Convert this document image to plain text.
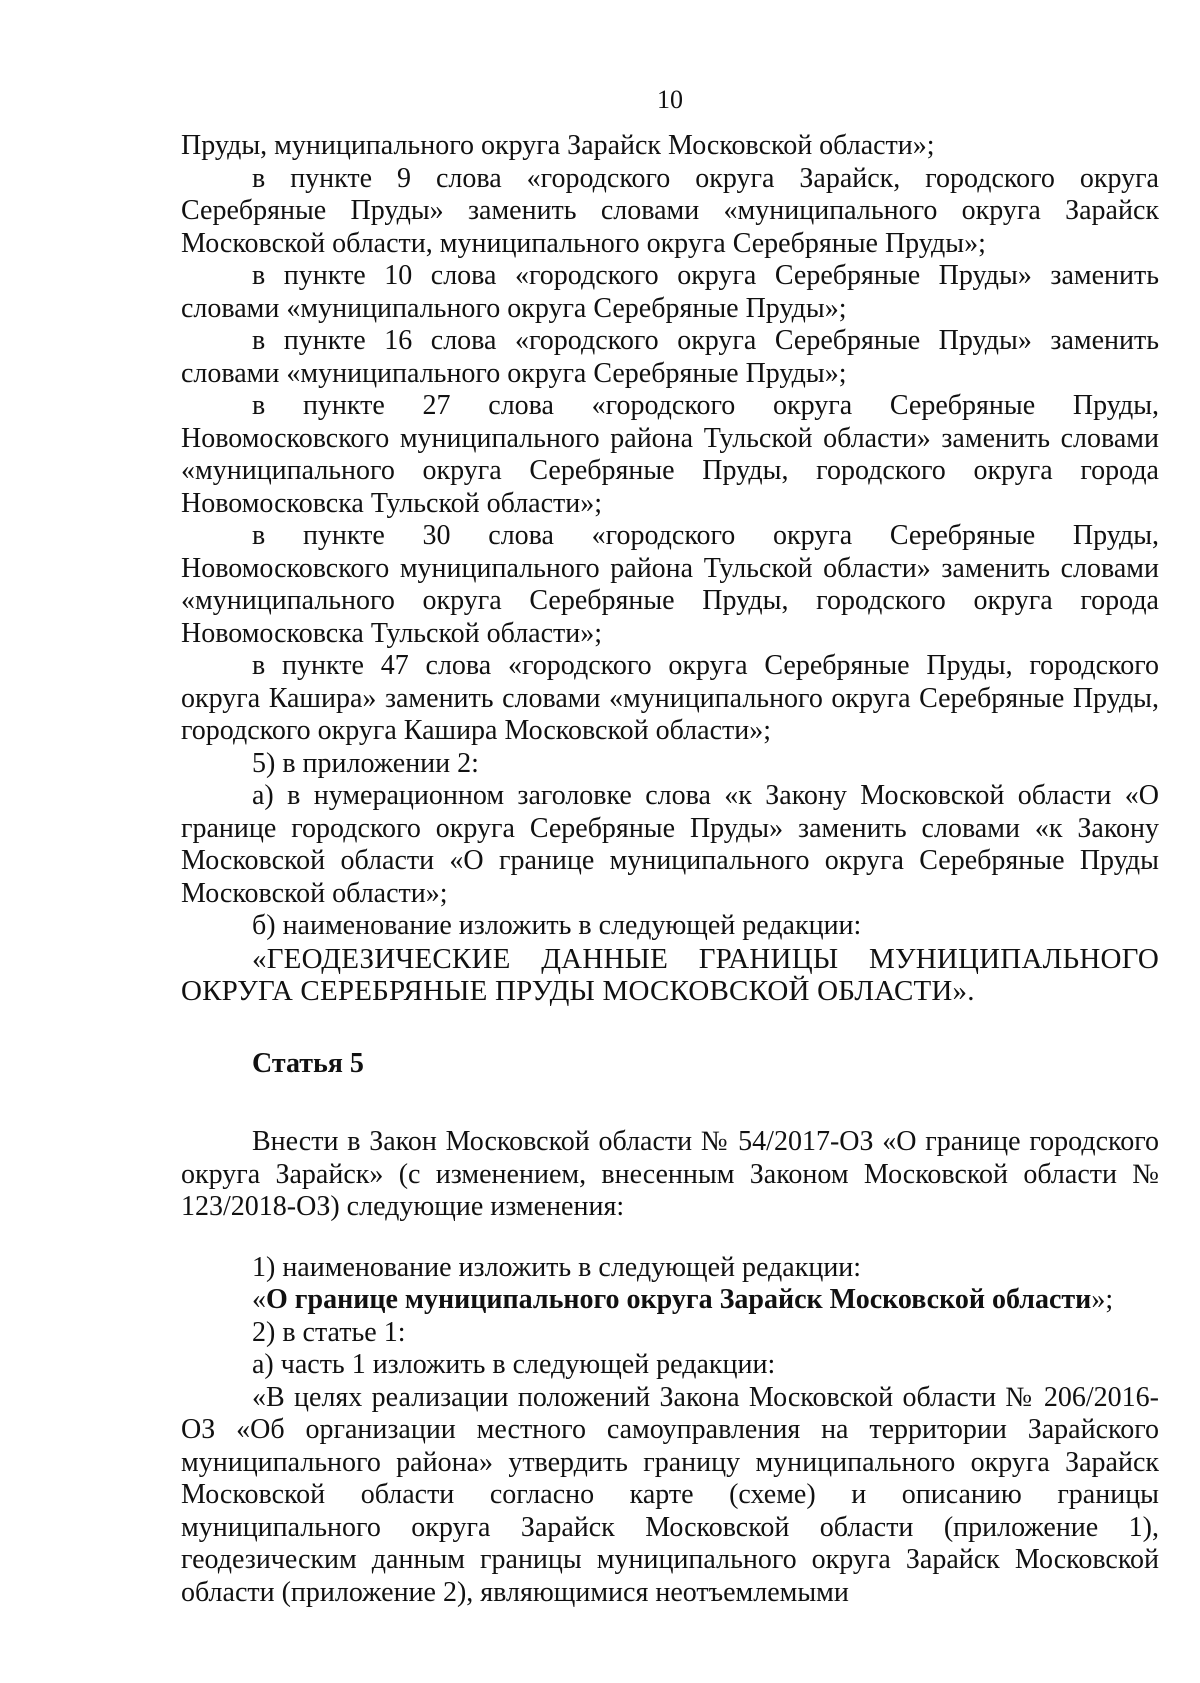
10

Пруды, муниципального округа Зарайск Московской области»;

в пункте 9 слова «городского округа Зарайск, городского округа Серебряные Пруды» заменить словами «муниципального округа Зарайск Московской области, муниципального округа Серебряные Пруды»;

в пункте 10 слова «городского округа Серебряные Пруды» заменить словами «муниципального округа Серебряные Пруды»;

в пункте 16 слова «городского округа Серебряные Пруды» заменить словами «муниципального округа Серебряные Пруды»;

в пункте 27 слова «городского округа Серебряные Пруды, Новомосковского муниципального района Тульской области» заменить словами «муниципального округа Серебряные Пруды, городского округа города Новомосковска Тульской области»;

в пункте 30 слова «городского округа Серебряные Пруды, Новомосковского муниципального района Тульской области» заменить словами «муниципального округа Серебряные Пруды, городского округа города Новомосковска Тульской области»;

в пункте 47 слова «городского округа Серебряные Пруды, городского округа Кашира» заменить словами «муниципального округа Серебряные Пруды, городского округа Кашира Московской области»;

5) в приложении 2:

а) в нумерационном заголовке слова «к Закону Московской области «О границе городского округа Серебряные Пруды» заменить словами «к Закону Московской области «О границе муниципального округа Серебряные Пруды Московской области»;

б) наименование изложить в следующей редакции:

«ГЕОДЕЗИЧЕСКИЕ ДАННЫЕ ГРАНИЦЫ МУНИЦИПАЛЬНОГО ОКРУГА СЕРЕБРЯНЫЕ ПРУДЫ МОСКОВСКОЙ ОБЛАСТИ».

Статья 5

Внести в Закон Московской области № 54/2017-ОЗ «О границе городского округа Зарайск» (с изменением, внесенным Законом Московской области № 123/2018-ОЗ) следующие изменения:

1) наименование изложить в следующей редакции:

«О границе муниципального округа Зарайск Московской области»;

2) в статье 1:

а) часть 1 изложить в следующей редакции:

«В целях реализации положений Закона Московской области № 206/2016-ОЗ «Об организации местного самоуправления на территории Зарайского муниципального района» утвердить границу муниципального округа Зарайск Московской области согласно карте (схеме) и описанию границы муниципального округа Зарайск Московской области (приложение 1), геодезическим данным границы муниципального округа Зарайск Московской области (приложение 2), являющимися неотъемлемыми
